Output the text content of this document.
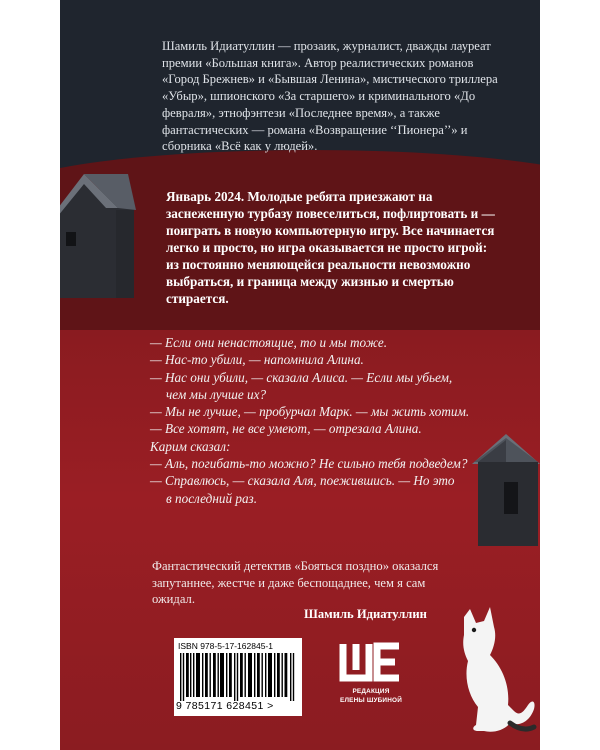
Шамиль Идиатуллин — прозаик, журналист, дважды лауреат премии «Большая книга». Автор реалистических романов «Город Брежнев» и «Бывшая Ленина», мистического триллера «Убыр», шпионского «За старшего» и криминального «До февраля», этнофэнтези «Последнее время», а также фантастических — романа «Возвращение ‘‘Пионера’’» и сборника «Всё как у людей».

Январь 2024. Молодые ребята приезжают на заснеженную турбазу повеселиться, пофлиртовать и — поиграть в новую компьютерную игру. Все начинается легко и просто, но игра оказывается не просто игрой: из постоянно меняющейся реальности невозможно выбраться, и граница между жизнью и смертью стирается.

— Если они ненастоящие, то и мы тоже.
— Нас-то убили, — напомнила Алина.
— Нас они убили, — сказала Алиса. — Если мы убьем,
чем мы лучше их?
— Мы не лучше, — пробурчал Марк. — мы жить хотим.
— Все хотят, не все умеют, — отрезала Алина.
Карим сказал:
— Аль, погибать-то можно? Не сильно тебя подведем?
— Справлюсь, — сказала Аля, поежившись. — Но это
в последний раз.
Фантастический детектив «Бояться поздно» оказался запутаннее, жестче и даже беспощаднее, чем я сам ожидал.
Шамиль Идиатуллин
ISBN 978-5-17-162845-1
9 785171 628451 >
РЕДАКЦИЯ
ЕЛЕНЫ ШУБИНОЙ
